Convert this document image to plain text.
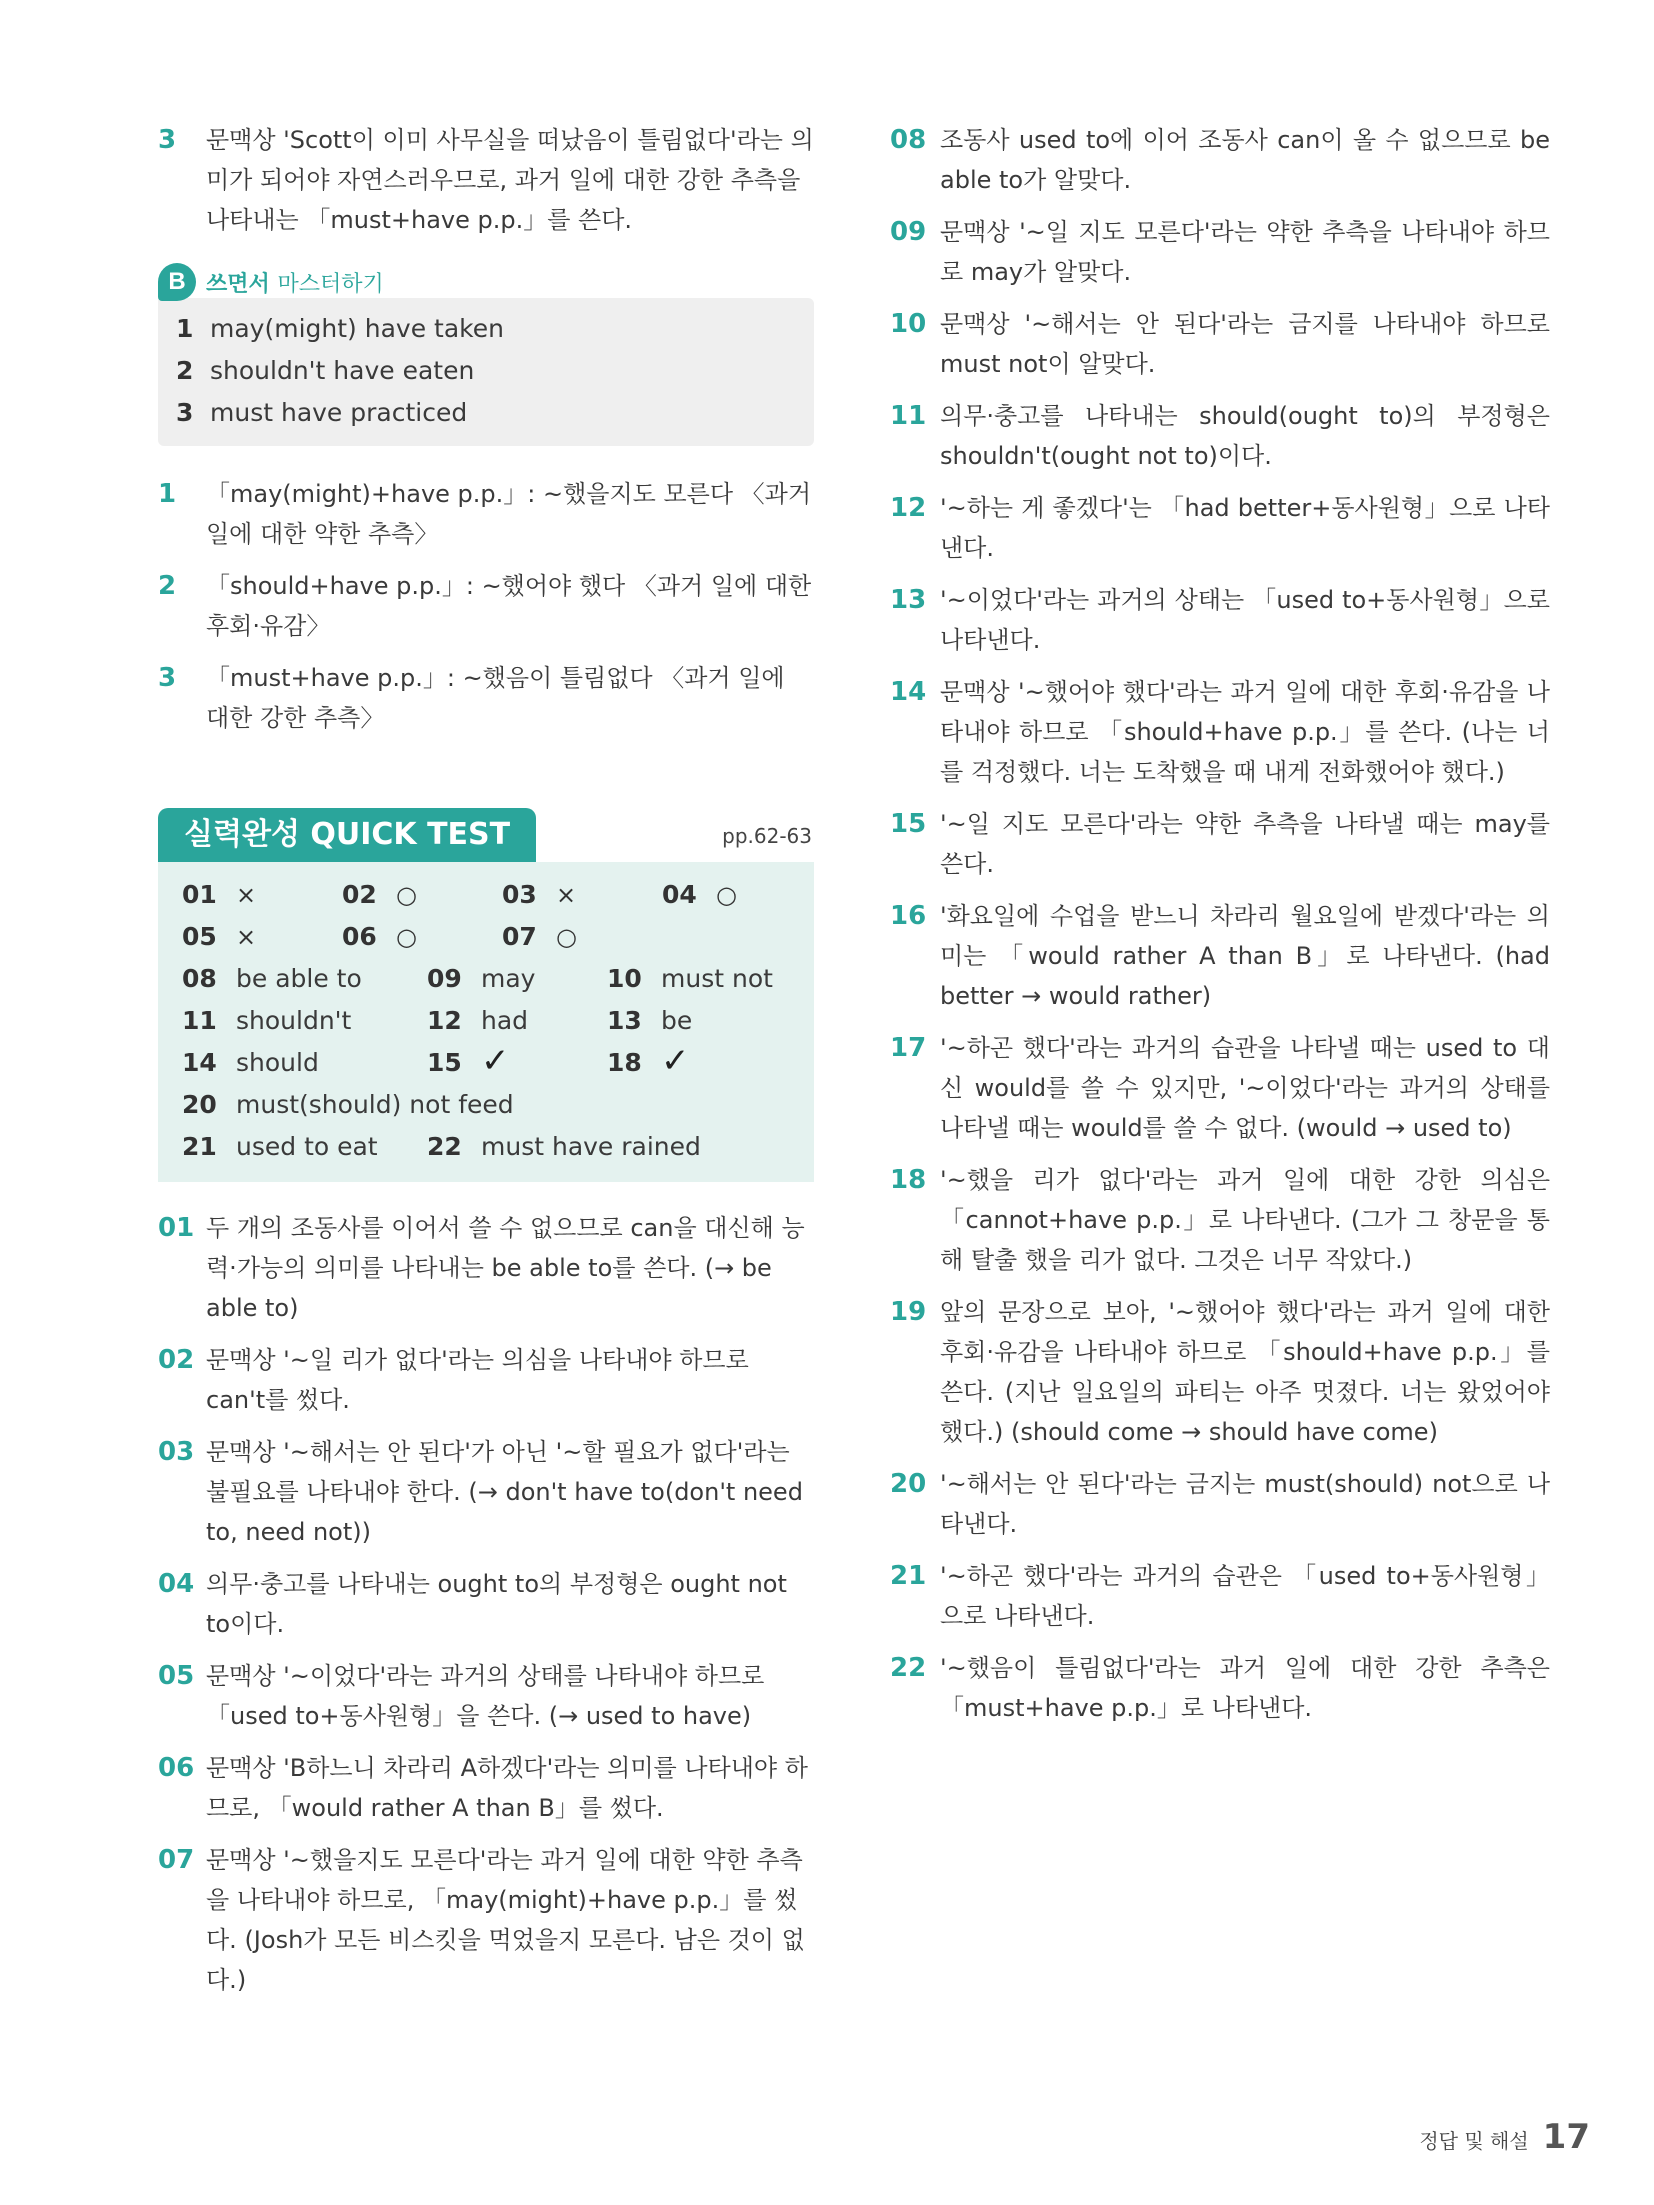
3 문맥상 'Scott이 이미 사무실을 떠났음이 틀림없다'라는 의미가 되어야 자연스러우므로, 과거 일에 대한 강한 추측을 나타내는 「must+have p.p.」를 쓴다.
B 쓰면서 마스터하기
1 may(might) have taken
2 shouldn't have eaten
3 must have practiced
1 「may(might)+have p.p.」: ~했을지도 모른다 〈과거 일에 대한 약한 추측〉
2 「should+have p.p.」: ~했어야 했다 〈과거 일에 대한 후회·유감〉
3 「must+have p.p.」: ~했음이 틀림없다 〈과거 일에 대한 강한 추측〉
실력완성 QUICK TEST	pp.62-63
01 ×	02 ○	03 ×	04 ○
05 ×	06 ○	07 ○
08 be able to	09 may	10 must not
11 shouldn't	12 had	13 be
14 should	15 ✓	18 ✓
20 must(should) not feed
21 used to eat 22 must have rained
01 두 개의 조동사를 이어서 쓸 수 없으므로 can을 대신해 능력·가능의 의미를 나타내는 be able to를 쓴다. (→ be able to)
02 문맥상 '~일 리가 없다'라는 의심을 나타내야 하므로 can't를 썼다.
03 문맥상 '~해서는 안 된다'가 아닌 '~할 필요가 없다'라는 불필요를 나타내야 한다. (→ don't have to(don't need to, need not))
04 의무·충고를 나타내는 ought to의 부정형은 ought not to이다.
05 문맥상 '~이었다'라는 과거의 상태를 나타내야 하므로 「used to+동사원형」을 쓴다. (→ used to have)
06 문맥상 'B하느니 차라리 A하겠다'라는 의미를 나타내야 하므로, 「would rather A than B」를 썼다.
07 문맥상 '~했을지도 모른다'라는 과거 일에 대한 약한 추측을 나타내야 하므로, 「may(might)+have p.p.」를 썼다. (Josh가 모든 비스킷을 먹었을지 모른다. 남은 것이 없다.)
08 조동사 used to에 이어 조동사 can이 올 수 없으므로 be able to가 알맞다.
09 문맥상 '~일 지도 모른다'라는 약한 추측을 나타내야 하므로 may가 알맞다.
10 문맥상 '~해서는 안 된다'라는 금지를 나타내야 하므로 must not이 알맞다.
11 의무·충고를 나타내는 should(ought to)의 부정형은 shouldn't(ought not to)이다.
12 '~하는 게 좋겠다'는 「had better+동사원형」으로 나타낸다.
13 '~이었다'라는 과거의 상태는 「used to+동사원형」으로 나타낸다.
14 문맥상 '~했어야 했다'라는 과거 일에 대한 후회·유감을 나타내야 하므로 「should+have p.p.」를 쓴다. (나는 너를 걱정했다. 너는 도착했을 때 내게 전화했어야 했다.)
15 '~일 지도 모른다'라는 약한 추측을 나타낼 때는 may를 쓴다.
16 '화요일에 수업을 받느니 차라리 월요일에 받겠다'라는 의미는 「would rather A than B」로 나타낸다. (had better → would rather)
17 '~하곤 했다'라는 과거의 습관을 나타낼 때는 used to 대신 would를 쓸 수 있지만, '~이었다'라는 과거의 상태를 나타낼 때는 would를 쓸 수 없다. (would → used to)
18 '~했을 리가 없다'라는 과거 일에 대한 강한 의심은 「cannot+have p.p.」로 나타낸다. (그가 그 창문을 통해 탈출 했을 리가 없다. 그것은 너무 작았다.)
19 앞의 문장으로 보아, '~했어야 했다'라는 과거 일에 대한 후회·유감을 나타내야 하므로 「should+have p.p.」를 쓴다. (지난 일요일의 파티는 아주 멋졌다. 너는 왔었어야 했다.) (should come → should have come)
20 '~해서는 안 된다'라는 금지는 must(should) not으로 나타낸다.
21 '~하곤 했다'라는 과거의 습관은 「used to+동사원형」으로 나타낸다.
22 '~했음이 틀림없다'라는 과거 일에 대한 강한 추측은 「must+have p.p.」로 나타낸다.
정답 및 해설 17
